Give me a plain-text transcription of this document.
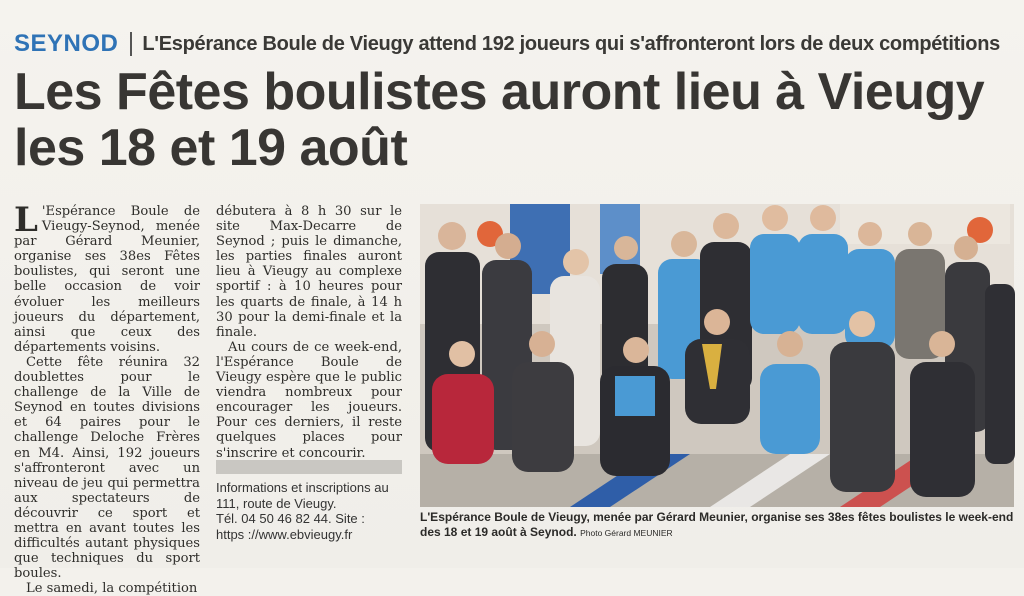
SEYNOD L'Espérance Boule de Vieugy attend 192 joueurs qui s'affronteront lors de deux compétitions
Les Fêtes boulistes auront lieu à Vieugy
les 18 et 19 août

L 'Espérance Boule de Vieugy-Seynod, menée par Gérard Meunier, organise ses 38es Fêtes boulistes, qui seront une belle occasion de voir évoluer les meilleurs joueurs du département, ainsi que ceux des départements voisins.

Cette fête réunira 32 doublettes pour le challenge de la Ville de Seynod en toutes divisions et 64 paires pour le challenge Deloche Frères en M4. Ainsi, 192 joueurs s'affronteront avec un niveau de jeu qui permettra aux spectateurs de découvrir ce sport et mettra en avant toutes les difficultés autant physiques que techniques du sport boules.

Le samedi, la compétition

débutera à 8 h 30 sur le site Max-Decarre de Seynod ; puis le dimanche, les parties finales auront lieu à Vieugy au complexe sportif : à 10 heures pour les quarts de finale, à 14 h 30 pour la demi-finale et la finale.

Au cours de ce week-end, l'Espérance Boule de Vieugy espère que le public viendra nombreux pour encourager les joueurs. Pour ces derniers, il reste quelques places pour s'inscrire et concourir.

Informations et inscriptions au
111, route de Vieugy.
Tél. 04 50 46 82 44. Site :
https ://www.ebvieugy.fr
L'Espérance Boule de Vieugy, menée par Gérard Meunier, organise ses 38es fêtes boulistes le week-end des 18 et 19 août à Seynod. Photo Gérard MEUNIER
